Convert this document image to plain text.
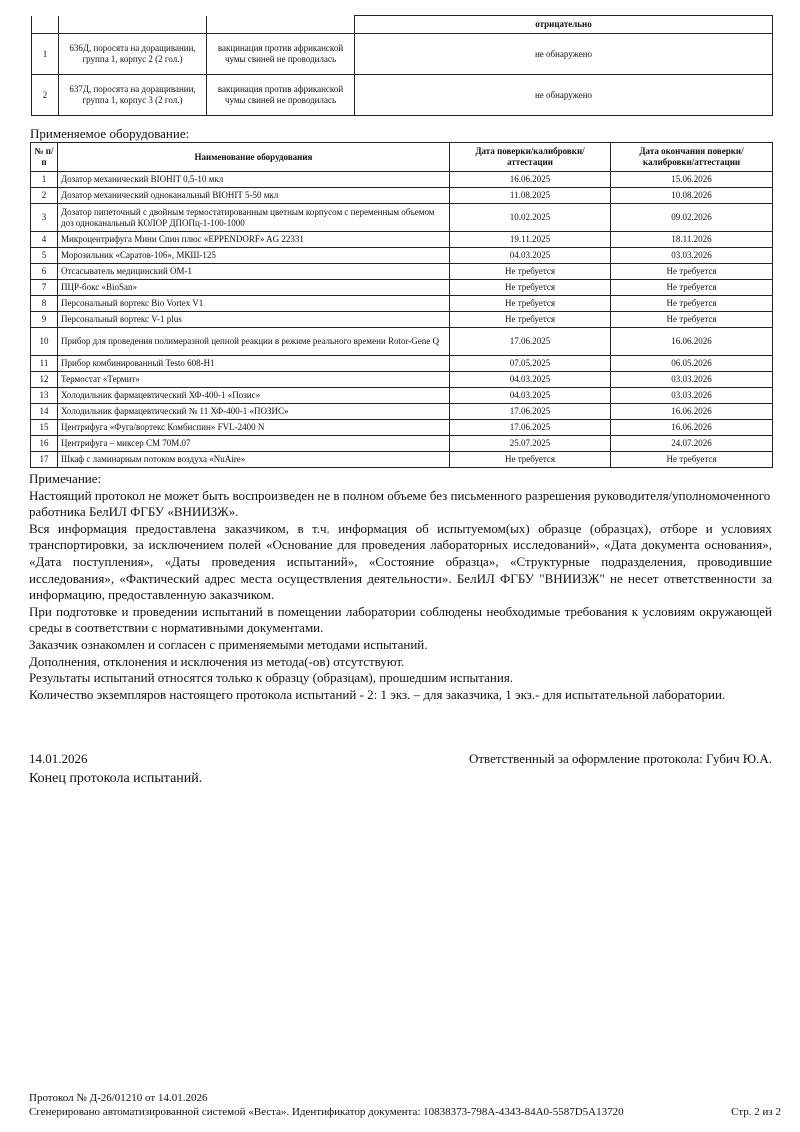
			отрицательно
1	636Д, поросята на доращивании, группа 1, корпус 2 (2 гол.)	вакцинация против африканской чумы свиней не проводилась	не обнаружено
2	637Д, поросята на доращивании, группа 1, корпус 3 (2 гол.)	вакцинация против африканской чумы свиней не проводилась	не обнаружено
Применяемое оборудование:
№ п/п	Наименование оборудования	Дата поверки/калибровки/аттестации	Дата окончания поверки/калибровки/аттестации
1	Дозатор механический BIOHIT 0,5-10 мкл	16.06.2025	15.06.2026
2	Дозатор механический одноканальный BIOHIT 5-50 мкл	11.08.2025	10.08.2026
3	Дозатор пипеточный с двойным термостатированным цветным корпусом с переменным объемом доз одноканальный КОЛОР ДПОПц-1-100-1000	10.02.2025	09.02.2026
4	Микроцентрифуга Мини Спин плюс «EPPENDORF» AG 22331	19.11.2025	18.11.2026
5	Морозильник «Саратов-106», МКШ-125	04.03.2025	03.03.2026
6	Отсасыватель медицинский ОМ-1	Не требуется	Не требуется
7	ПЦР-бокс «BioSan»	Не требуется	Не требуется
8	Персональный вортекс Bio Vortex V1	Не требуется	Не требуется
9	Персональный вортекс V-1 plus	Не требуется	Не требуется
10	Прибор для проведения полимеразной цепной реакции в режиме реального времени Rotor-Gene Q	17.06.2025	16.06.2026
11	Прибор комбинированный Testo 608-H1	07.05.2025	06.05.2026
12	Термостат «Термит»	04.03.2025	03.03.2026
13	Холодильник фармацевтический ХФ-400-1 «Позис»	04.03.2025	03.03.2026
14	Холодильник фармацевтический № 11 ХФ-400-1 «ПОЗИС»	17.06.2025	16.06.2026
15	Центрифуга «Фуга/вортекс Комбиспин» FVL-2400 N	17.06.2025	16.06.2026
16	Центрифуга – миксер СМ 70М.07	25.07.2025	24.07.2026
17	Шкаф с ламинарным потоком воздуха «NuAire»	Не требуется	Не требуется

Примечание:

Настоящий протокол не может быть воспроизведен не в полном объеме без письменного разрешения руководителя/уполномоченного работника БелИЛ ФГБУ «ВНИИЗЖ».

Вся информация предоставлена заказчиком, в т.ч. информация об испытуемом(ых) образце (образцах), отборе и условиях транспортировки, за исключением полей «Основание для проведения лабораторных исследований», «Дата документа основания», «Дата поступления», «Даты проведения испытаний», «Состояние образца», «Структурные подразделения, проводившие исследования», «Фактический адрес места осуществления деятельности». БелИЛ ФГБУ "ВНИИЗЖ" не несет ответственности за информацию, предоставленную заказчиком.

При подготовке и проведении испытаний в помещении лаборатории соблюдены необходимые требования к условиям окружающей среды в соответствии с нормативными документами.

Заказчик ознакомлен и согласен с применяемыми методами испытаний.

Дополнения, отклонения и исключения из метода(-ов) отсутствуют.

Результаты испытаний относятся только к образцу (образцам), прошедшим испытания.

Количество экземпляров настоящего протокола испытаний - 2: 1 экз. – для заказчика, 1 экз.- для испытательной лаборатории.

14.01.2026	Ответственный за оформление протокола: Губич Ю.А.
Конец протокола испытаний.
Протокол № Д-26/01210 от 14.01.2026
Сгенерировано автоматизированной системой «Веста». Идентификатор документа: 10838373-798A-4343-84A0-5587D5A13720	Стр. 2 из 2
